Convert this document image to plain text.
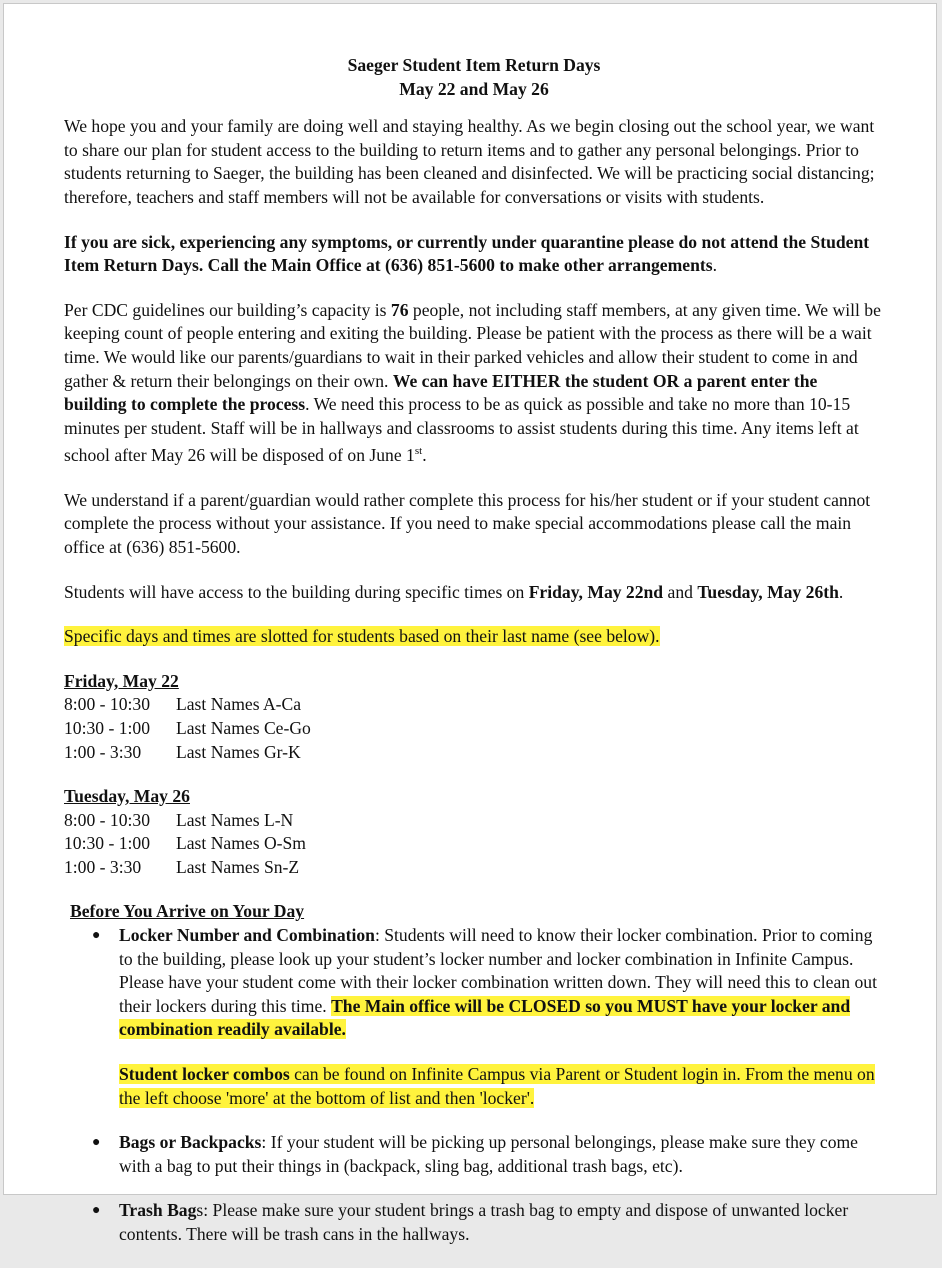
Saeger Student Item Return Days
May 22 and May 26

We hope you and your family are doing well and staying healthy. As we begin closing out the school year, we want to share our plan for student access to the building to return items and to gather any personal belongings. Prior to students returning to Saeger, the building has been cleaned and disinfected. We will be practicing social distancing; therefore, teachers and staff members will not be available for conversations or visits with students.

If you are sick, experiencing any symptoms, or currently under quarantine please do not attend the Student Item Return Days. Call the Main Office at (636) 851-5600 to make other arrangements.

Per CDC guidelines our building’s capacity is 76 people, not including staff members, at any given time. We will be keeping count of people entering and exiting the building. Please be patient with the process as there will be a wait time. We would like our parents/guardians to wait in their parked vehicles and allow their student to come in and gather & return their belongings on their own. We can have EITHER the student OR a parent enter the building to complete the process. We need this process to be as quick as possible and take no more than 10-15 minutes per student. Staff will be in hallways and classrooms to assist students during this time. Any items left at school after May 26 will be disposed of on June 1st.

We understand if a parent/guardian would rather complete this process for his/her student or if your student cannot complete the process without your assistance. If you need to make special accommodations please call the main office at (636) 851-5600.

Students will have access to the building during specific times on Friday, May 22nd and Tuesday, May 26th.

Specific days and times are slotted for students based on their last name (see below).

Friday, May 22
8:00 - 10:30	Last Names A-Ca
10:30 - 1:00	Last Names Ce-Go
1:00 - 3:30	Last Names Gr-K
Tuesday, May 26
8:00 - 10:30	Last Names L-N
10:30 - 1:00	Last Names O-Sm
1:00 - 3:30	Last Names Sn-Z
Before You Arrive on Your Day
● Locker Number and Combination: Students will need to know their locker combination. Prior to coming to the building, please look up your student’s locker number and locker combination in Infinite Campus. Please have your student come with their locker combination written down. They will need this to clean out their lockers during this time. The Main office will be CLOSED so you MUST have your locker and combination readily available.

Student locker combos can be found on Infinite Campus via Parent or Student login in. From the menu on the left choose 'more' at the bottom of list and then 'locker'.

● Bags or Backpacks: If your student will be picking up personal belongings, please make sure they come with a bag to put their things in (backpack, sling bag, additional trash bags, etc).
● Trash Bags: Please make sure your student brings a trash bag to empty and dispose of unwanted locker contents. There will be trash cans in the hallways.
